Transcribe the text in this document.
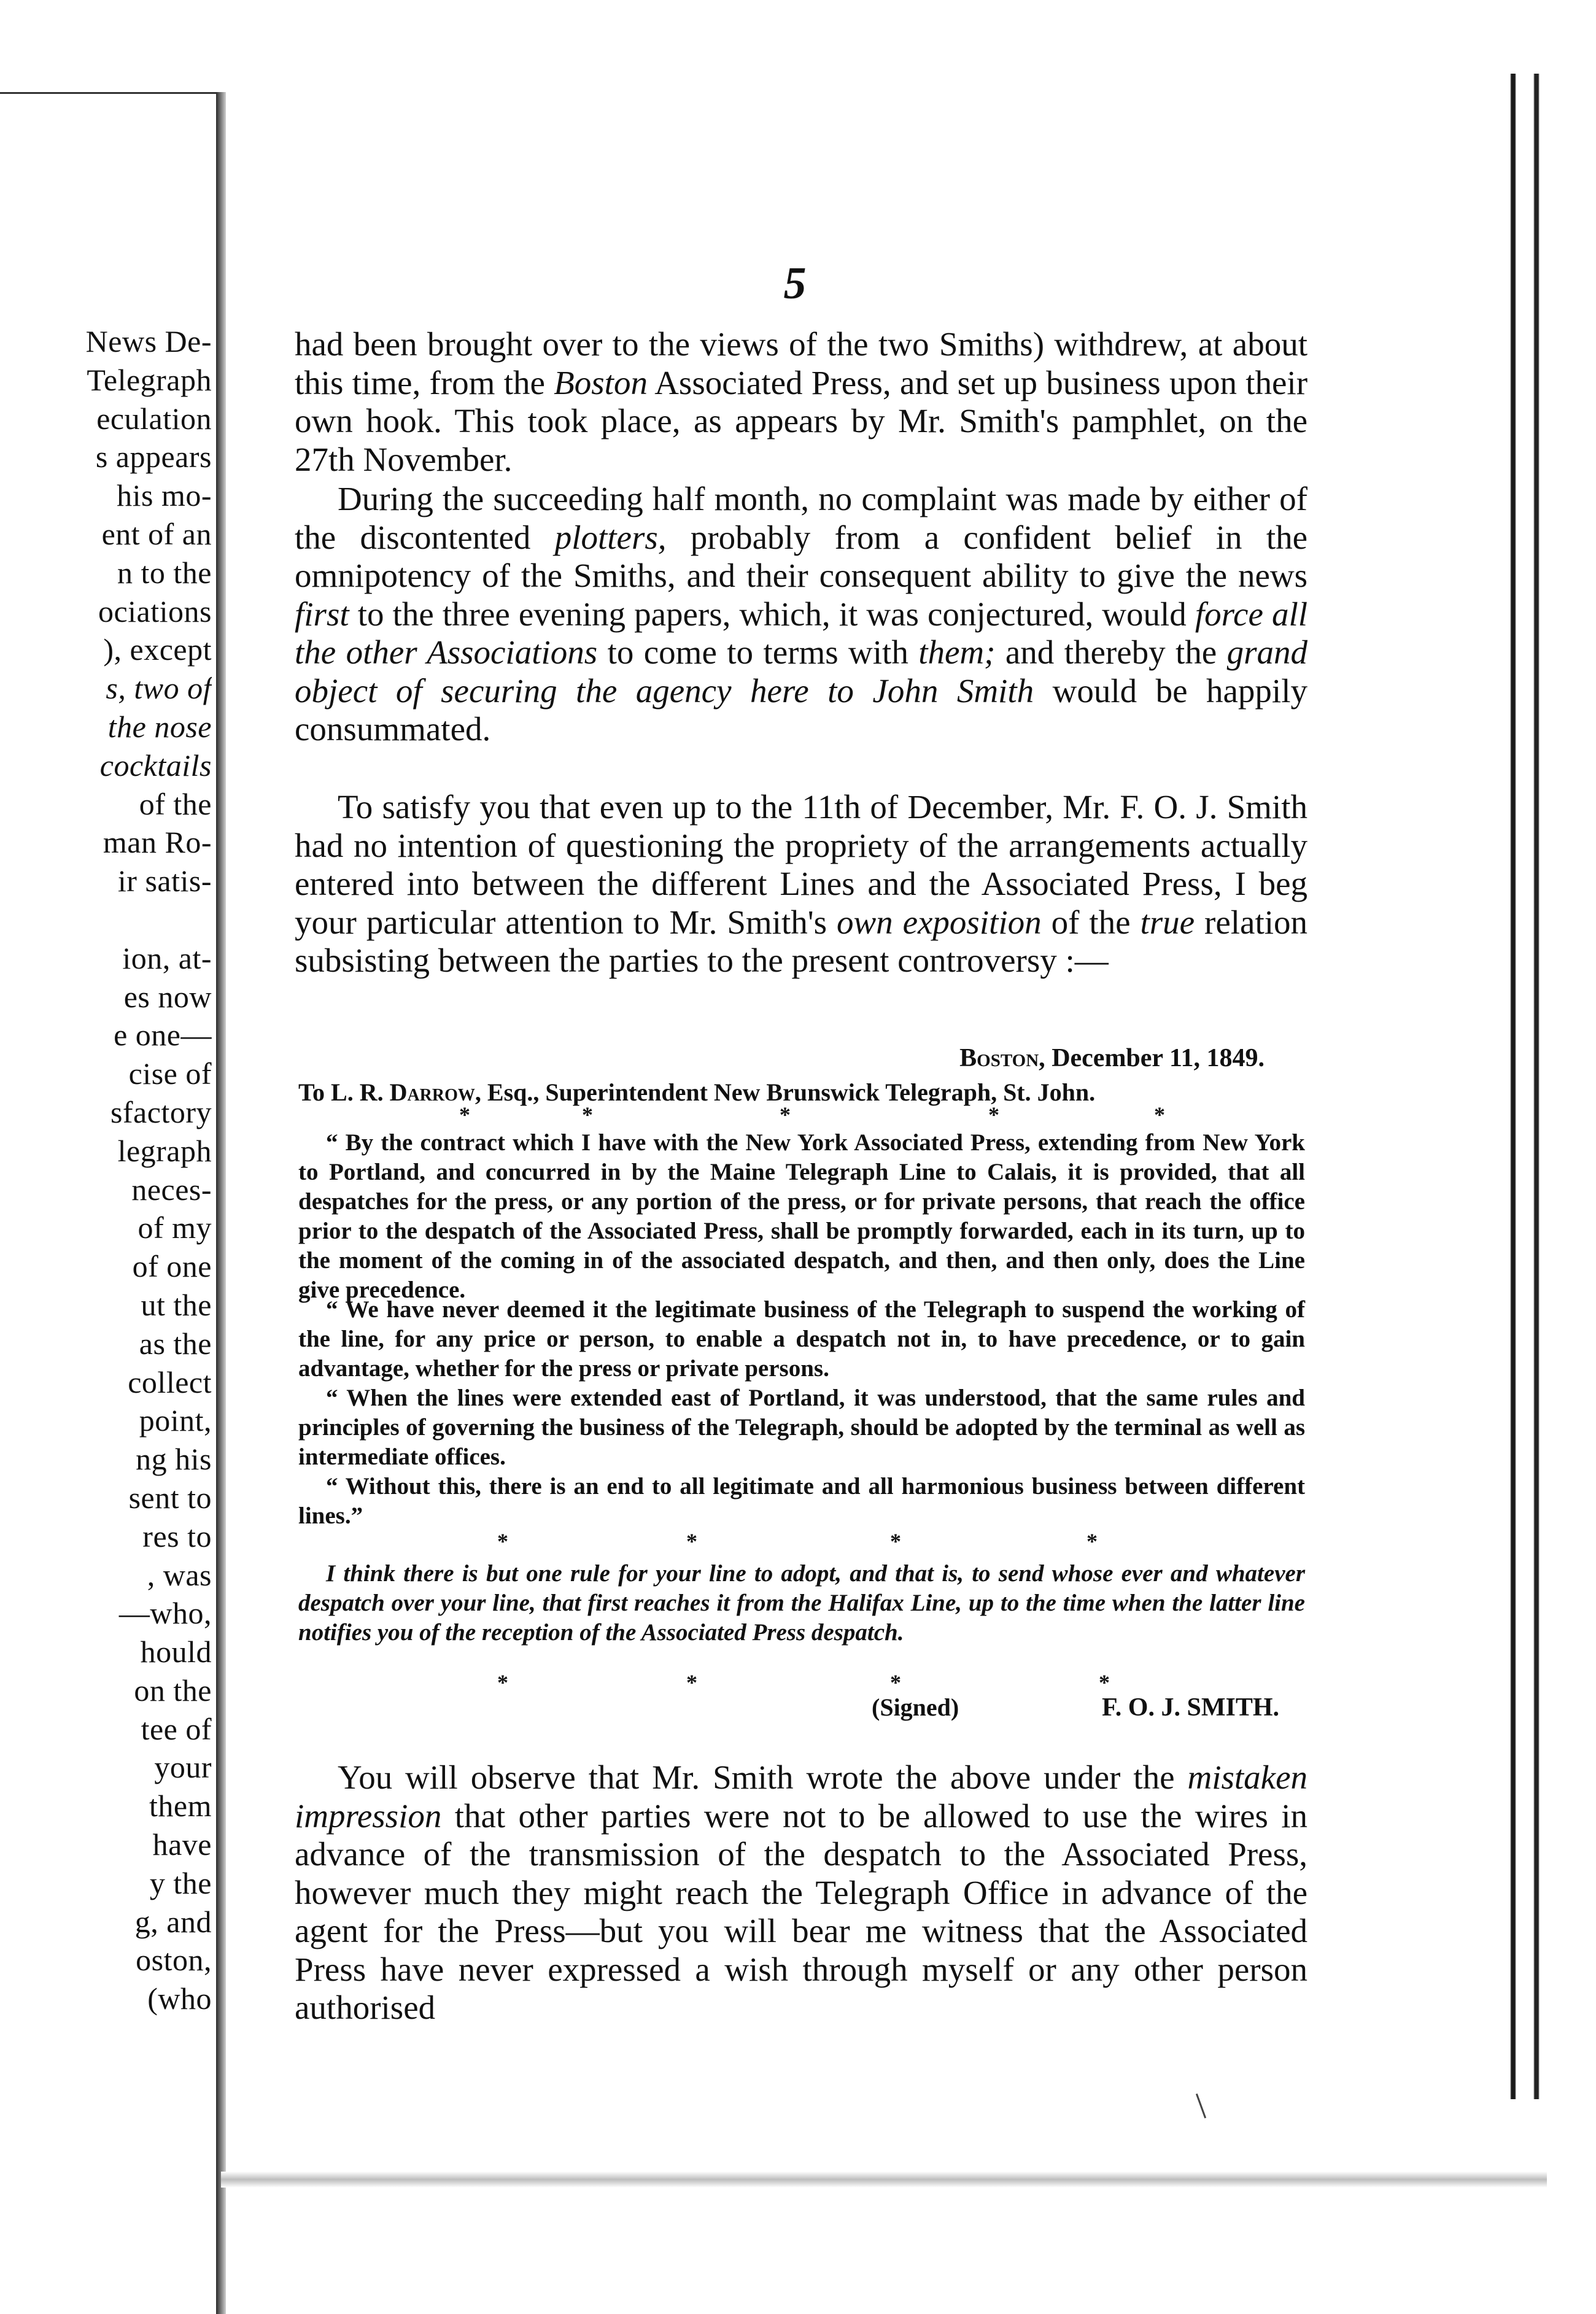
News De-
Telegraph
eculation
s appears
his mo-
ent of an
n to the
ociations
), except
s, two of
the nose
cocktails
of the
man Ro-
ir satis-
ion, at-
es now
e one—
cise of
sfactory
legraph
neces-
of my
of one
ut the
as the
collect
point,
ng his
sent to
res to
, was
—who,
hould
on the
tee of
your
them
have
y the
g, and
oston,
(who
5

had been brought over to the views of the two Smiths) withdrew, at about this time, from the Boston Associated Press, and set up business upon their own hook. This took place, as appears by Mr. Smith's pamphlet, on the 27th November.

During the succeeding half month, no complaint was made by either of the discontented plotters, probably from a confident belief in the omnipotency of the Smiths, and their consequent ability to give the news first to the three evening papers, which, it was conjectured, would force all the other Associations to come to terms with them; and thereby the grand object of securing the agency here to John Smith would be happily consummated.

To satisfy you that even up to the 11th of December, Mr. F. O. J. Smith had no intention of questioning the propriety of the arrangements actually entered into between the different Lines and the Associated Press, I beg your particular attention to Mr. Smith's own exposition of the true relation subsisting between the parties to the present controversy :—

Boston, December 11, 1849.
To L. R. Darrow, Esq., Superintendent New Brunswick Telegraph, St. John.
*	*	*	*	*

“ By the contract which I have with the New York Associated Press, extending from New York to Portland, and concurred in by the Maine Telegraph Line to Calais, it is provided, that all despatches for the press, or any portion of the press, or for private persons, that reach the office prior to the despatch of the Associated Press, shall be promptly forwarded, each in its turn, up to the moment of the coming in of the associated despatch, and then, and then only, does the Line give precedence.

“ We have never deemed it the legitimate business of the Telegraph to suspend the working of the line, for any price or person, to enable a despatch not in, to have precedence, or to gain advantage, whether for the press or private persons.

“ When the lines were extended east of Portland, it was understood, that the same rules and principles of governing the business of the Telegraph, should be adopted by the terminal as well as intermediate offices.

“ Without this, there is an end to all legitimate and all harmonious business between different lines.”

*	*	*	*

I think there is but one rule for your line to adopt, and that is, to send whose ever and whatever despatch over your line, that first reaches it from the Halifax Line, up to the time when the latter line notifies you of the reception of the Associated Press despatch.

*	*	*	*
(Signed)	F. O. J. SMITH.

You will observe that Mr. Smith wrote the above under the mistaken impression that other parties were not to be allowed to use the wires in advance of the transmission of the despatch to the Associated Press, however much they might reach the Telegraph Office in advance of the agent for the Press—but you will bear me witness that the Associated Press have never expressed a wish through myself or any other person authorised
